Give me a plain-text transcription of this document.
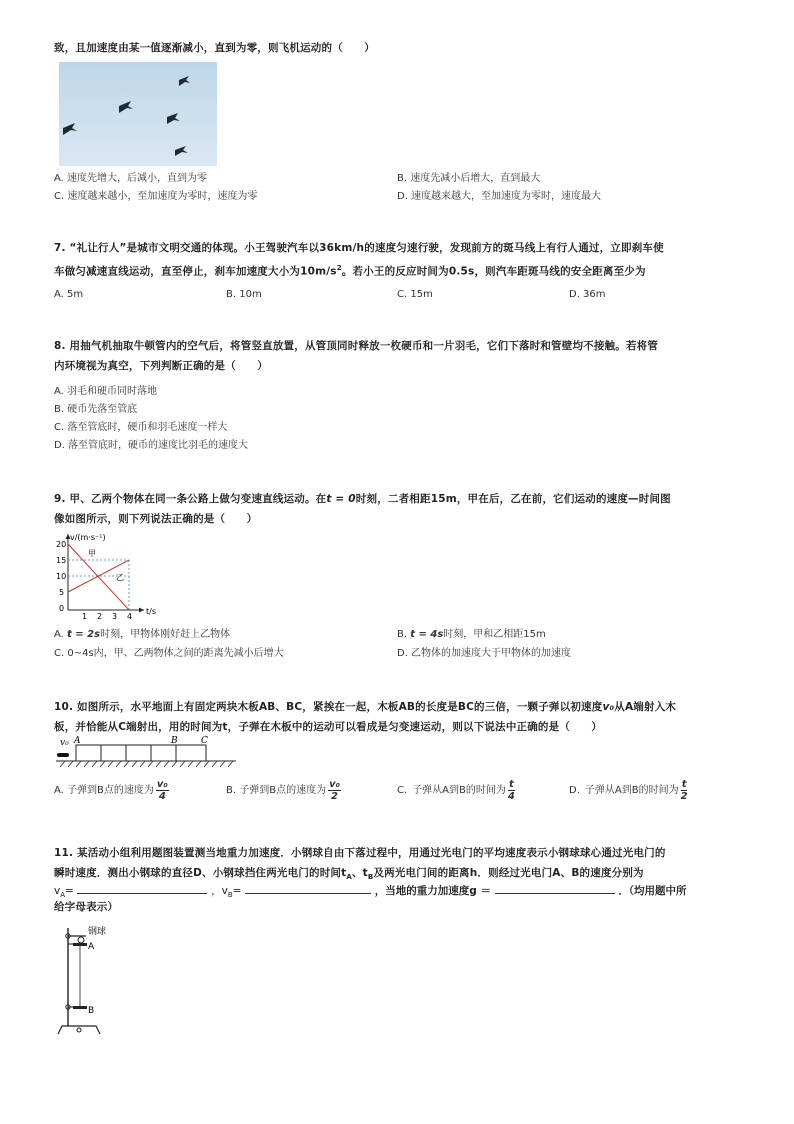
致，且加速度由某一值逐渐减小，直到为零，则飞机运动的（　　）
A. 速度先增大，后减小，直到为零	B. 速度先减小后增大，直到最大
C. 速度越来越小，至加速度为零时，速度为零	D. 速度越来越大，至加速度为零时，速度最大
7. “礼让行人”是城市文明交通的体现。小王驾驶汽车以36km/h的速度匀速行驶，发现前方的斑马线上有行人通过，立即刹车使
车做匀减速直线运动，直至停止，刹车加速度大小为$10m/s^2$。若小王的反应时间为0.5s，则汽车距斑马线的安全距离至少为
A. 5m	B. 10m	C. 15m	D. 36m
8. 用抽气机抽取牛顿管内的空气后，将管竖直放置，从管顶同时释放一枚硬币和一片羽毛，它们下落时和管壁均不接触。若将管
内环境视为真空，下列判断正确的是（　　）
A. 羽毛和硬币同时落地
B. 硬币先落至管底
C. 落至管底时，硬币和羽毛速度一样大
D. 落至管底时，硬币的速度比羽毛的速度大
9. 甲、乙两个物体在同一条公路上做匀变速直线运动。在t = 0时刻，二者相距15m，甲在后，乙在前，它们运动的速度—时间图
像如图所示，则下列说法正确的是（　　）
v/(m·s⁻¹)
t/s
20
15
10
5
0
1 2 3 4
甲
乙
A. t = 2s时刻，甲物体刚好赶上乙物体	B. t = 4s时刻，甲和乙相距15m
C. 0~4s内，甲、乙两物体之间的距离先减小后增大	D. 乙物体的加速度大于甲物体的加速度
10. 如图所示，水平地面上有固定两块木板AB、BC，紧挨在一起，木板AB的长度是BC的三倍，一颗子弹以初速度v₀从A端射入木
板，并恰能从C端射出，用的时间为t，子弹在木板中的运动可以看成是匀变速运动，则以下说法中正确的是（　　）
v₀ A	B	C
A. 子弹到B点的速度为 v₀
4
B. 子弹到B点的速度为 v₀
2
C. 子弹从A到B的时间为 t
4
D. 子弹从A到B的时间为 t
2
11. 某活动小组利用题图装置测当地重力加速度．小钢球自由下落过程中，用通过光电门的平均速度表示小钢球球心通过光电门的
瞬时速度．测出小钢球的直径D、小钢球挡住两光电门的时间$t_A$、$t_B$及两光电门间的距离h．则经过光电门A、B的速度分别为
$v_A=$	，$v_B=$	，当地的重力加速度g ＝	．（均用题中所
给字母表示）
钢球
A
B
